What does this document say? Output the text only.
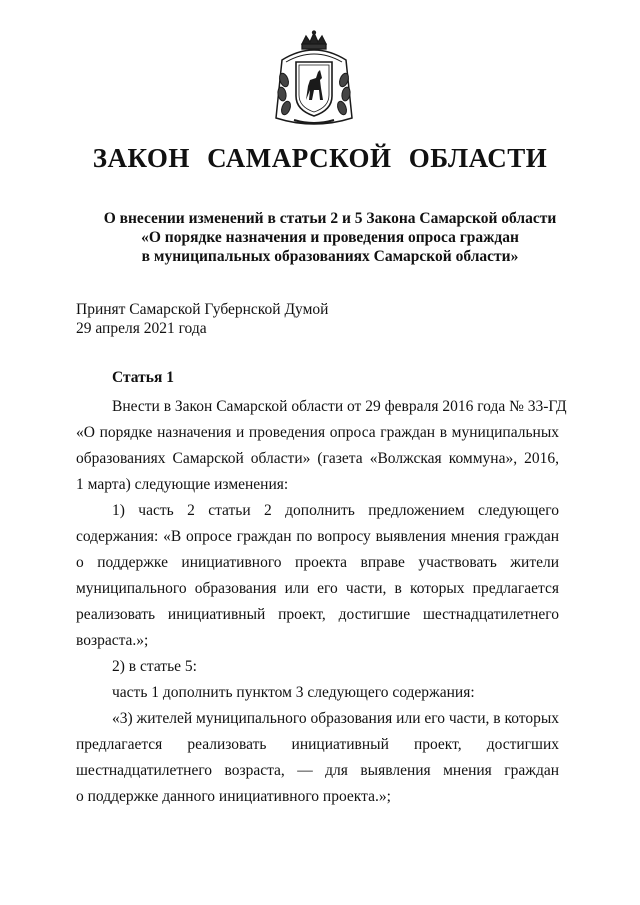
ЗАКОН САМАРСКОЙ ОБЛАСТИ
О внесении изменений в статьи 2 и 5 Закона Самарской области
«О порядке назначения и проведения опроса граждан
в муниципальных образованиях Самарской области»
Принят Самарской Губернской Думой
29 апреля 2021 года
Статья 1
Внести в Закон Самарской области от 29 февраля 2016 года № 33-ГД
«О порядке назначения и проведения опроса граждан в муниципальных
образованиях Самарской области» (газета «Волжская коммуна», 2016,
1 марта) следующие изменения:
1) часть 2 статьи 2 дополнить предложением следующего
содержания: «В опросе граждан по вопросу выявления мнения граждан
о поддержке инициативного проекта вправе участвовать жители
муниципального образования или его части, в которых предлагается
реализовать инициативный проект, достигшие шестнадцатилетнего
возраста.»;
2) в статье 5:
часть 1 дополнить пунктом 3 следующего содержания:
«3) жителей муниципального образования или его части, в которых
предлагается реализовать инициативный проект, достигших
шестнадцатилетнего возраста, — для выявления мнения граждан
о поддержке данного инициативного проекта.»;
